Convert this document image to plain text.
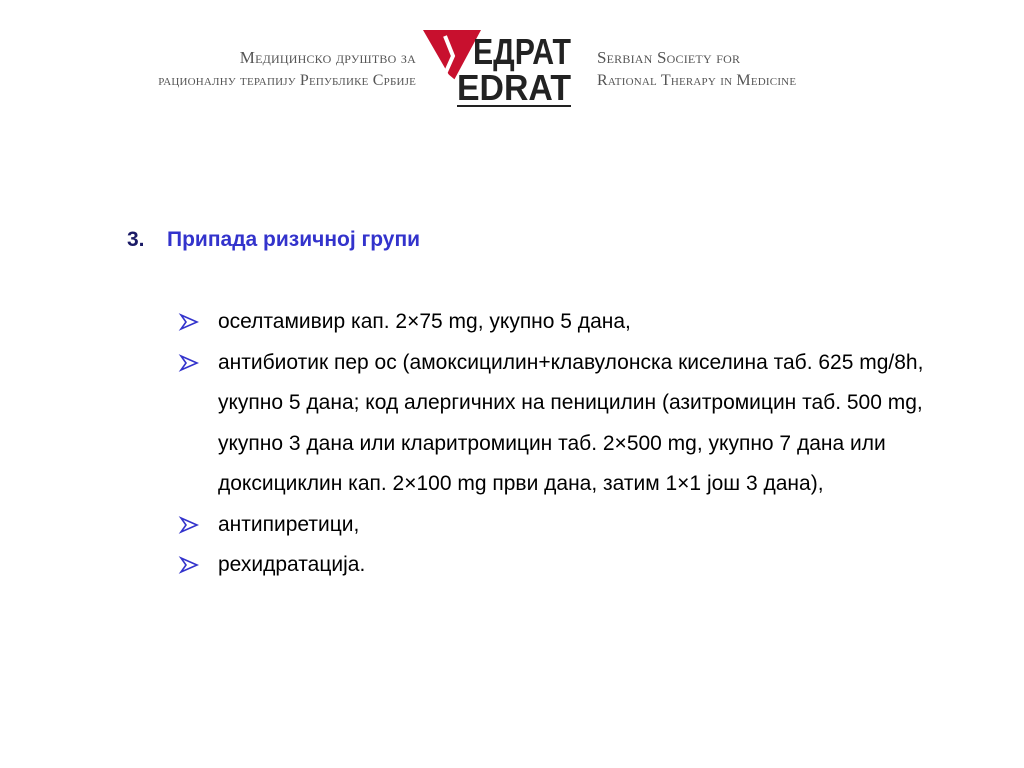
Медицинско друштво за
рационалну терапију Републике Србије
ЕДРАТ
EDRAT
Serbian Society for
Rational Therapy in Medicine
3. Припада ризичној групи
оселтамивир кап. 2×75 mg, укупно 5 дана,
антибиотик пер ос (амоксицилин+клавулонска киселина таб. 625 mg/8h, укупно 5 дана; код алергичних на пеницилин (азитромицин таб. 500 mg, укупно 3 дана или кларитромицин таб. 2×500 mg, укупно 7 дана или доксициклин кап. 2×100 mg први дана, затим 1×1 још 3 дана),
антипиретици,
рехидратација.
